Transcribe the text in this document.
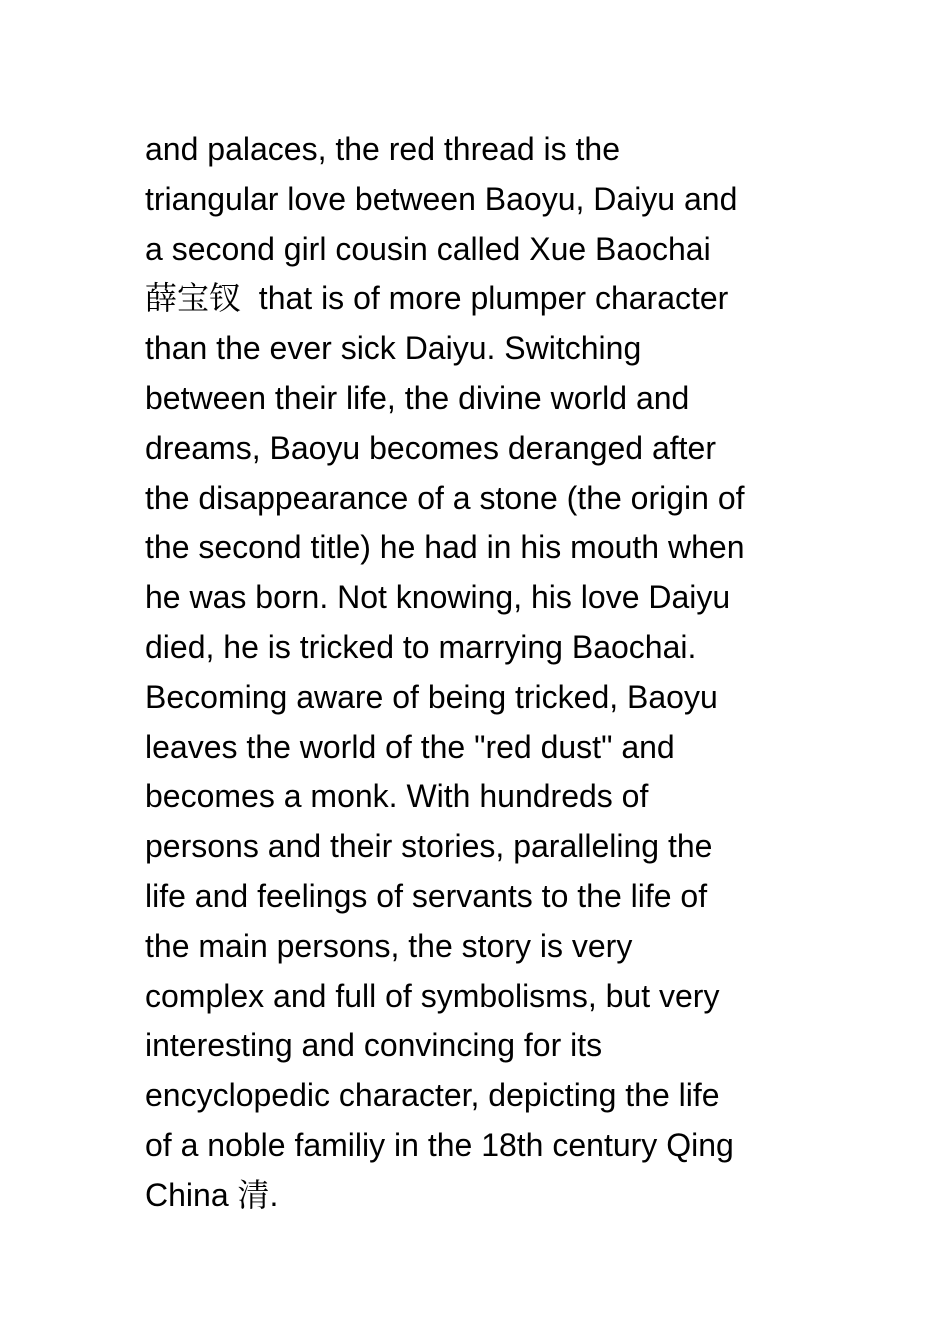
and palaces, the red thread is the
triangular love between Baoyu, Daiyu and
a second girl cousin called Xue Baochai
薛宝钗  that is of more plumper character
than the ever sick Daiyu. Switching
between their life, the divine world and
dreams, Baoyu becomes deranged after
the disappearance of a stone (the origin of
the second title) he had in his mouth when
he was born. Not knowing, his love Daiyu
died, he is tricked to marrying Baochai.
Becoming aware of being tricked, Baoyu
leaves the world of the "red dust" and
becomes a monk. With hundreds of
persons and their stories, paralleling the
life and feelings of servants to the life of
the main persons, the story is very
complex and full of symbolisms, but very
interesting and convincing for its
encyclopedic character, depicting the life
of a noble familiy in the 18th century Qing
China 清.
